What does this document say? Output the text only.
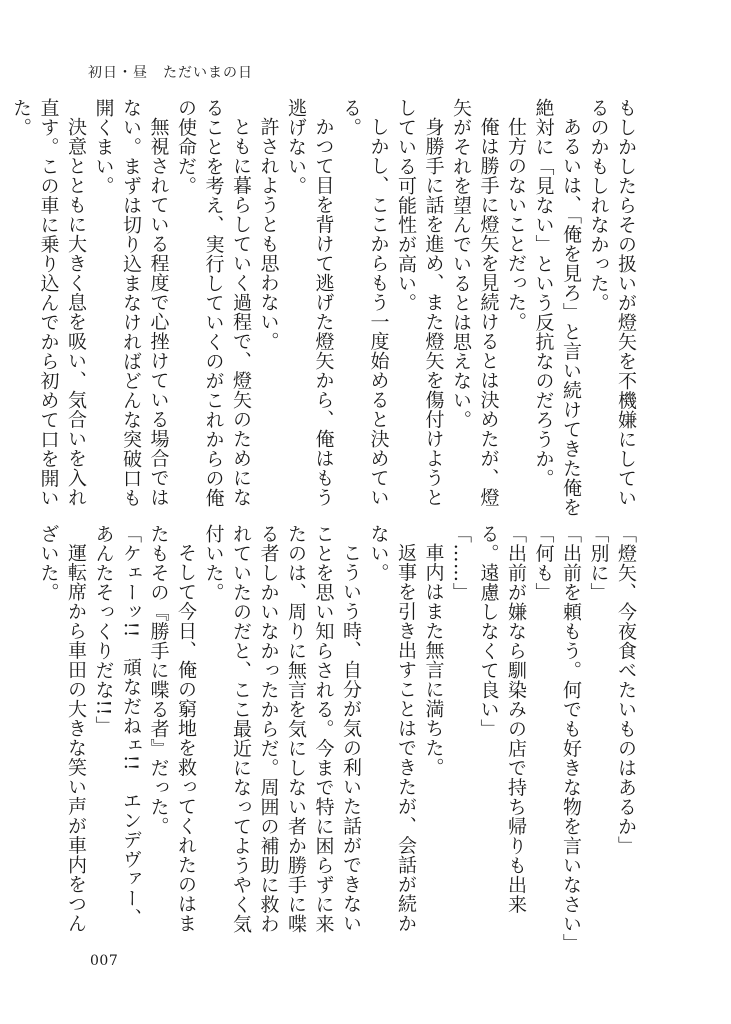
初日・昼　ただいまの日

もしかしたらその扱いが燈矢を不機嫌にしているのかもしれなかった。

あるいは、「俺を見ろ」と言い続けてきた俺を絶対に「見ない」という反抗なのだろうか。

仕方のないことだった。

俺は勝手に燈矢を見続けるとは決めたが、燈矢がそれを望んでいるとは思えない。

身勝手に話を進め、また燈矢を傷付けようとしている可能性が高い。

しかし、ここからもう一度始めると決めている。

かつて目を背けて逃げた燈矢から、俺はもう逃げない。

許されようとも思わない。

ともに暮らしていく過程で、燈矢のためになることを考え、実行していくのがこれからの俺の使命だ。

無視されている程度で心挫けている場合ではない。まずは切り込まなければどんな突破口も開くまい。

決意とともに大きく息を吸い、気合いを入れ直す。この車に乗り込んでから初めて口を開いた。

「燈矢、今夜食べたいものはあるか」

「別に」

「出前を頼もう。何でも好きな物を言いなさい」

「何も」

「出前が嫌なら馴染みの店で持ち帰りも出来る。遠慮しなくて良い」

「……」

車内はまた無言に満ちた。

返事を引き出すことはできたが、会話が続かない。

こういう時、自分が気の利いた話ができないことを思い知らされる。今まで特に困らずに来たのは、周りに無言を気にしない者か勝手に喋る者しかいなかったからだ。周囲の補助に救われていたのだと、ここ最近になってようやく気付いた。

そして今日、俺の窮地を救ってくれたのはまたもその『勝手に喋る者』だった。

「ケェーッ!!　頑なだねェ!!　エンデヴァー、あんたそっくりだな!!」

運転席から車田の大きな笑い声が車内をつんざいた。

007
